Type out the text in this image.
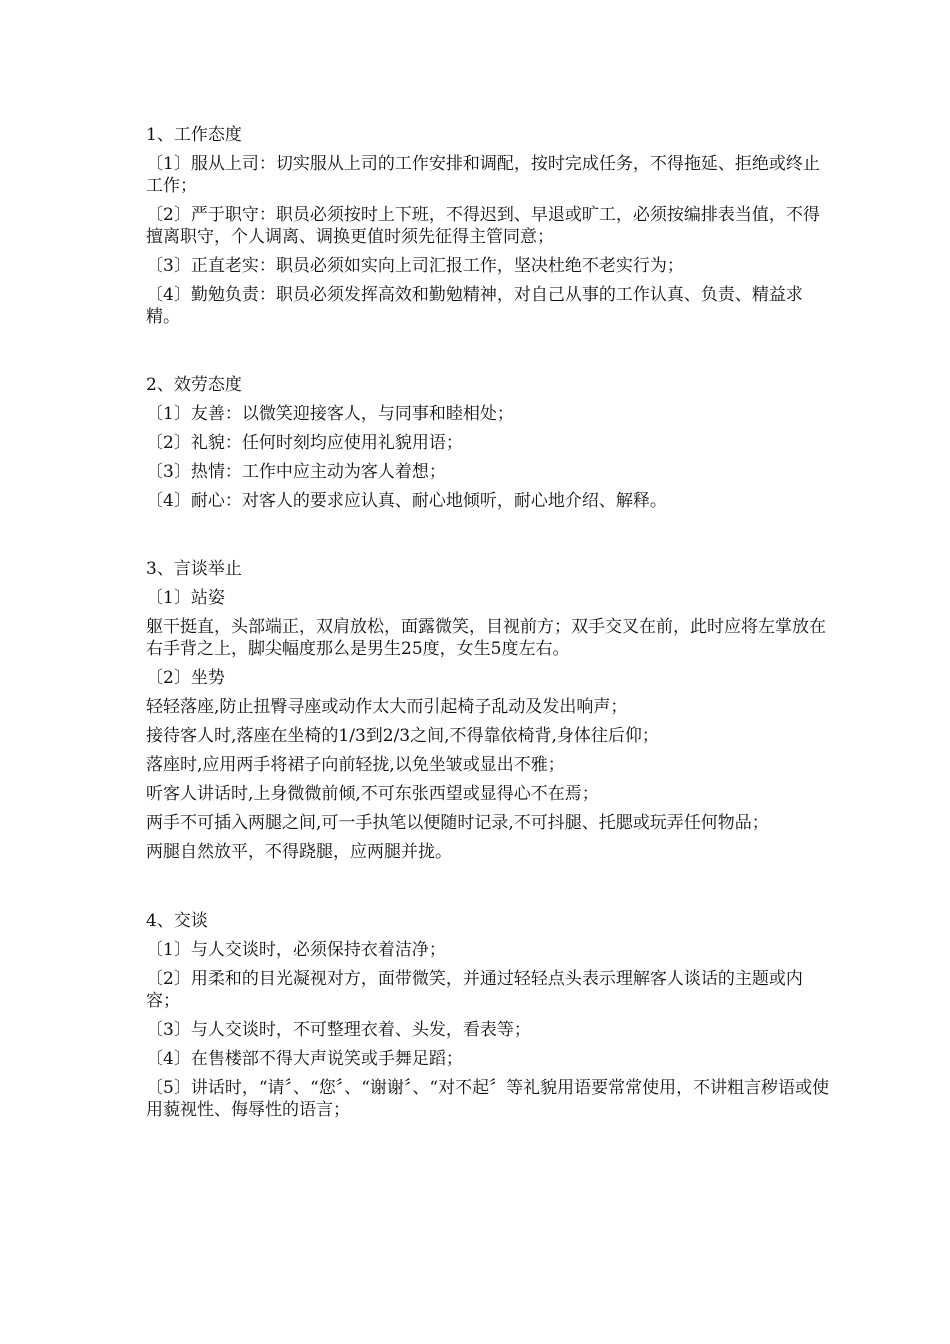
1、工作态度
〔1〕服从上司：切实服从上司的工作安排和调配，按时完成任务，不得拖延、拒绝或终止工作；
〔2〕严于职守：职员必须按时上下班，不得迟到、早退或旷工，必须按编排表当值，不得擅离职守，个人调离、调换更值时须先征得主管同意；
〔3〕正直老实：职员必须如实向上司汇报工作，坚决杜绝不老实行为；
〔4〕勤勉负责：职员必须发挥高效和勤勉精神，对自己从事的工作认真、负责、精益求精。
2、效劳态度
〔1〕友善：以微笑迎接客人，与同事和睦相处；
〔2〕礼貌：任何时刻均应使用礼貌用语；
〔3〕热情：工作中应主动为客人着想；
〔4〕耐心：对客人的要求应认真、耐心地倾听，耐心地介绍、解释。
3、言谈举止
〔1〕站姿
躯干挺直，头部端正，双肩放松，面露微笑，目视前方；双手交叉在前，此时应将左掌放在右手背之上，脚尖幅度那么是男生25度，女生5度左右。
〔2〕坐势
轻轻落座,防止扭臀寻座或动作太大而引起椅子乱动及发出响声；
接待客人时,落座在坐椅的1/3到2/3之间,不得靠依椅背,身体往后仰；
落座时,应用两手将裙子向前轻拢,以免坐皱或显出不雅；
听客人讲话时,上身微微前倾,不可东张西望或显得心不在焉；
两手不可插入两腿之间,可一手执笔以便随时记录,不可抖腿、托腮或玩弄任何物品；
两腿自然放平，不得跷腿，应两腿并拢。
4、交谈
〔1〕与人交谈时，必须保持衣着洁净；
〔2〕用柔和的目光凝视对方，面带微笑，并通过轻轻点头表示理解客人谈话的主题或内容；
〔3〕与人交谈时，不可整理衣着、头发，看表等；
〔4〕在售楼部不得大声说笑或手舞足蹈；
〔5〕讲话时，“请〞、“您〞、“谢谢〞、“对不起〞等礼貌用语要常常使用，不讲粗言秽语或使用藐视性、侮辱性的语言；
